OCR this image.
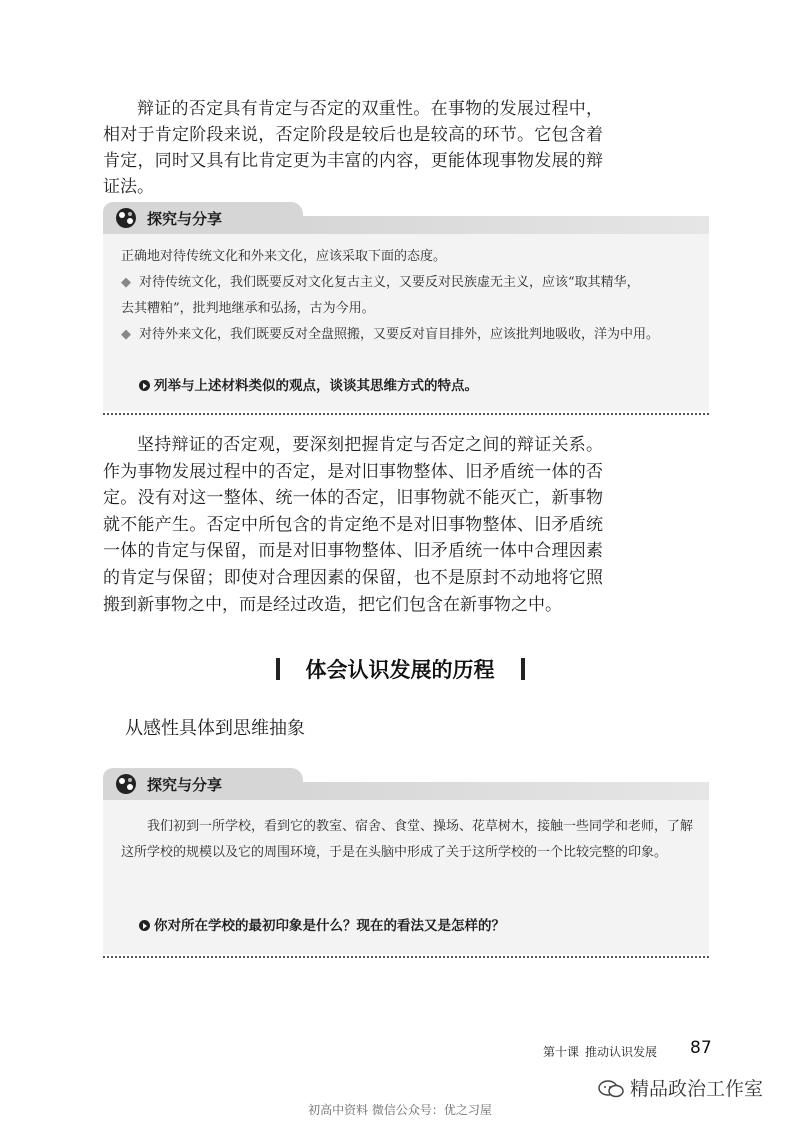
辩证的否定具有肯定与否定的双重性。在事物的发展过程中，相对于肯定阶段来说，否定阶段是较后也是较高的环节。它包含着肯定，同时又具有比肯定更为丰富的内容，更能体现事物发展的辩证法。

探究与分享

正确地对待传统文化和外来文化，应该采取下面的态度。

◆ 对待传统文化，我们既要反对文化复古主义，又要反对民族虚无主义，应该“取其精华，

去其糟粕”，批判地继承和弘扬，古为今用。

◆ 对待外来文化，我们既要反对全盘照搬，又要反对盲目排外，应该批判地吸收，洋为中用。

列举与上述材料类似的观点，谈谈其思维方式的特点。

坚持辩证的否定观，要深刻把握肯定与否定之间的辩证关系。作为事物发展过程中的否定，是对旧事物整体、旧矛盾统一体的否定。没有对这一整体、统一体的否定，旧事物就不能灭亡，新事物就不能产生。否定中所包含的肯定绝不是对旧事物整体、旧矛盾统一体的肯定与保留，而是对旧事物整体、旧矛盾统一体中合理因素的肯定与保留；即使对合理因素的保留，也不是原封不动地将它照搬到新事物之中，而是经过改造，把它们包含在新事物之中。

体会认识发展的历程
从感性具体到思维抽象
探究与分享

我们初到一所学校，看到它的教室、宿舍、食堂、操场、花草树木，接触一些同学和老师，了解这所学校的规模以及它的周围环境，于是在头脑中形成了关于这所学校的一个比较完整的印象。

你对所在学校的最初印象是什么？现在的看法又是怎样的？
第十课 推动认识发展	87
精品政治工作室
初高中资料 微信公众号：优之习屋
